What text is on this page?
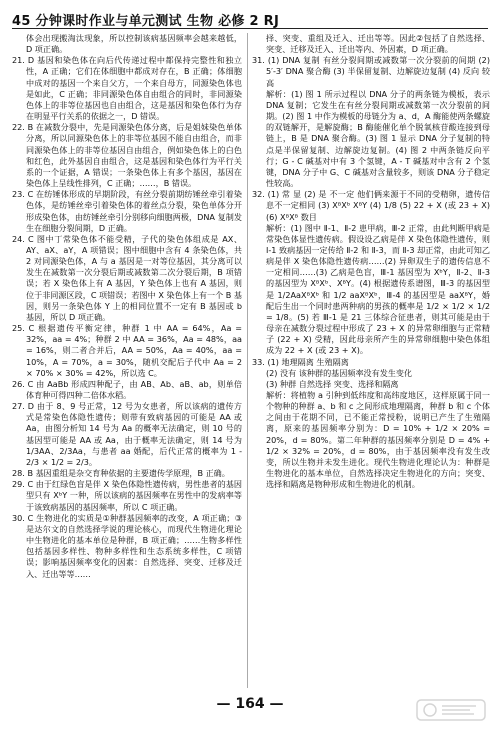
45 分钟课时作业与单元测试 生物 必修 2 RJ

体会出现搬淘汰现象，所以控制该病基因频率会越来越低，D 项正确。

21. D 基因和染色体在向后代传递过程中都保持完整性和独立性，A 正确；它们在体细胞中都成对存在，B 正确；体细胞中成对的基因一个来自父方，一个来自母方，同源染色体也是如此，C 正确；非同源染色体自由组合的同时，非同源染色体上的非等位基因也自由组合，这是基因和染色体行为存在明显平行关系的依据之一，D 错误。

22. B 在减数分裂中，先是同源染色体分离，后是姐妹染色单体分离，所以同源染色体上的非等位基因不能自由组合，而非同源染色体上的非等位基因自由组合，例如染色体上的白色和红色，此外基因自由组合，这是基因和染色体行为平行关系的一个证据，A 错误；一条染色体上有多个基因，基因在染色体上呈线性排列，C 正确；……，B 错误。

23. C 在纺锤体形成的早期阶段，有丝分裂前期纺锤丝牵引着染色体，是纺锤丝牵引着染色体的着丝点分裂，染色单体分开形成染色体，由纺锤丝牵引分别移向细胞两极，DNA 复制发生在细胞分裂间期，D 正确。

24. C 图中丁常染色体不能受精，子代的染色体组成是 AX、AY、aX、aY，A 项错误；图中细胞中含有 4 条染色体，共 2 对同源染色体，A 与 a 基因是一对等位基因，其分离可以发生在减数第一次分裂后期或减数第二次分裂后期，B 项错误；若 X 染色体上有 A 基因，Y 染色体上也有 A 基因，则位于非同源区段，C 项错误；若图中 X 染色体上有一个 B 基因，则另一条染色体 Y 上的相同位置不一定有 B 基因或 b 基因，所以 D 项正确。

25. C 根据遗传平衡定律，种群 1 中 AA = 64%，Aa = 32%，aa = 4%；种群 2 中 AA = 36%，Aa = 48%，aa = 16%，则二者合并后，AA = 50%，Aa = 40%，aa = 10%，A = 70%，a = 30%，随机交配后子代中 Aa = 2 × 70% × 30% = 42%，所以选 C。

26. C 由 AaBb 形成四种配子，由 AB、Ab、aB、ab，则单倍体育种可得四种二倍体水稻。

27. D 由于 8、9 号正常，12 号为女患者，所以该病的遗传方式是常染色体隐性遗传；则带有致病基因的可能是 AA 或 Aa，由图分析知 14 号为 Aa 的概率无法确定，则 10 号的基因型可能是 AA 或 Aa，由于概率无法确定，则 14 号为 1/3AA、2/3Aa，与患者 aa 婚配，后代正常的概率为 1 - 2/3 × 1/2 = 2/3。

28. B 基因重组是杂交育种依据的主要遗传学原理，B 正确。

29. C 由于红绿色盲是伴 X 染色体隐性遗传病，男性患者的基因型只有 XᵇY 一种，所以该病的基因频率在男性中的发病率等于该致病基因的基因频率，所以 C 项正确。

30. C 生物进化的实质是①种群基因频率的改变，A 项正确；③是达尔文的自然选择学说的理论核心，而现代生物进化理论中生物进化的基本单位是种群，B 项正确；……生物多样性包括基因多样性、物种多样性和生态系统多样性，C 项错误；影响基因频率变化的因素：自然选择、突变、迁移及迁入、迁出等等……

择、突变、重组及迁入、迁出等等。因此②包括了自然选择、突变、迁移及迁入、迁出等内、外因素，D 项正确。

31. (1) DNA 复制 有丝分裂间期或减数第一次分裂前的间期 (2) 5′-3′ DNA 聚合酶 (3) 半保留复制、边解旋边复制 (4) 反向 较高

解析：(1) 图 1 所示过程以 DNA 分子的两条链为模板，表示 DNA 复制；它发生在有丝分裂间期或减数第一次分裂前的间期。(2) 图 1 中作为模板的母链分为 a、d，A 酶能使两条螺旋的双链解开，是解旋酶；B 酶能催化单个脱氧核苷酸连接到母链上，B 是 DNA 聚合酶。(3) 图 1 显示 DNA 分子复制的特点是半保留复制、边解旋边复制。(4) 图 2 中两条链反向平行；G - C 碱基对中有 3 个氢键，A - T 碱基对中含有 2 个氢键，DNA 分子中 G、C 碱基对含量较多，则该 DNA 分子稳定性较高。

32. (1) 常 显 (2) 是 不一定 他们俩来源于不同的受精卵，遗传信息不一定相同 (3) XᴮXᵇ XᴮY (4) 1/8 (5) 22 + X (或 23 + X) (6) XᴮXᴮ 数目

解析：(1) 图中 Ⅱ-1、Ⅱ-2 患甲病，Ⅲ-2 正常，由此判断甲病是常染色体显性遗传病。假设设乙病是伴 X 染色体隐性遗传，则 Ⅰ-1 致病基因一定传给 Ⅱ-2 和 Ⅱ-3，而 Ⅱ-3 却正常，由此可知乙病是伴 X 染色体隐性遗传病……(2) 异卵双生子的遗传信息不一定相同……(3) 乙病是色盲，Ⅲ-1 基因型为 XᵇY，Ⅱ-2、Ⅱ-3 的基因型为 XᴮXᵇ、XᴮY。(4) 根据遗传系谱图，Ⅲ-3 的基因型是 1/2AaXᴮXᵇ 和 1/2 aaXᴮXᵇ，Ⅲ-4 的基因型是 aaXᴮY，婚配后生出一个同时患两种病的男孩的概率是 1/2 × 1/2 × 1/2 = 1/8。(5) 若 Ⅲ-1 是 21 三体综合征患者，则其可能是由于母亲在减数分裂过程中形成了 23 + X 的异常卵细胞与正常精子 (22 + X) 受精，因此母亲所产生的异常卵细胞中染色体组成为 22 + X (或 23 + X)。

33. (1) 地理隔离 生殖隔离

(2) 没有 该种群的基因频率没有发生变化

(3) 种群 自然选择 突变、选择和隔离

解析：将植物 a 引种到低纬度和高纬度地区，这样原属于同一个物种的种群 a、b 和 c 之间形成地理隔离，种群 b 和 c 个体之间由于花期不同，已不能正常授粉，说明已产生了生殖隔离，原来的基因频率分别为：D = 10% + 1/2 × 20% = 20%，d = 80%。第二年种群的基因频率分别是 D = 4% + 1/2 × 32% = 20%，d = 80%，由于基因频率没有发生改变，所以生物并未发生进化。现代生物进化理论认为：种群是生物进化的基本单位，自然选择决定生物进化的方向；突变、选择和隔离是物种形成和生物进化的机制。

— 164 —
